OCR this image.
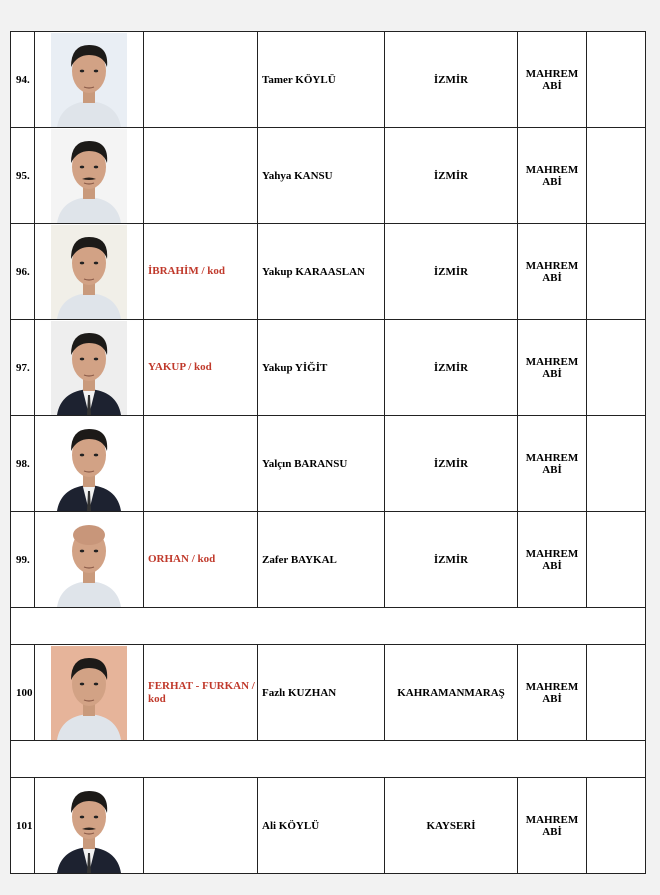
94.			Tamer KÖYLÜ	İZMİR	MAHREM
ABİ	

95.			Yahya KANSU	İZMİR	MAHREM
ABİ	

96.		İBRAHİM / kod	Yakup KARAASLAN	İZMİR	MAHREM
ABİ	

97.		YAKUP / kod	Yakup YİĞİT	İZMİR	MAHREM
ABİ	

98.			Yalçın BARANSU	İZMİR	MAHREM
ABİ	

99.		ORHAN / kod	Zafer BAYKAL	İZMİR	MAHREM
ABİ	

100		FERHAT - FURKAN / kod	Fazlı KUZHAN	KAHRAMANMARAŞ	MAHREM
ABİ	

101			Ali KÖYLÜ	KAYSERİ	MAHREM
ABİ	
